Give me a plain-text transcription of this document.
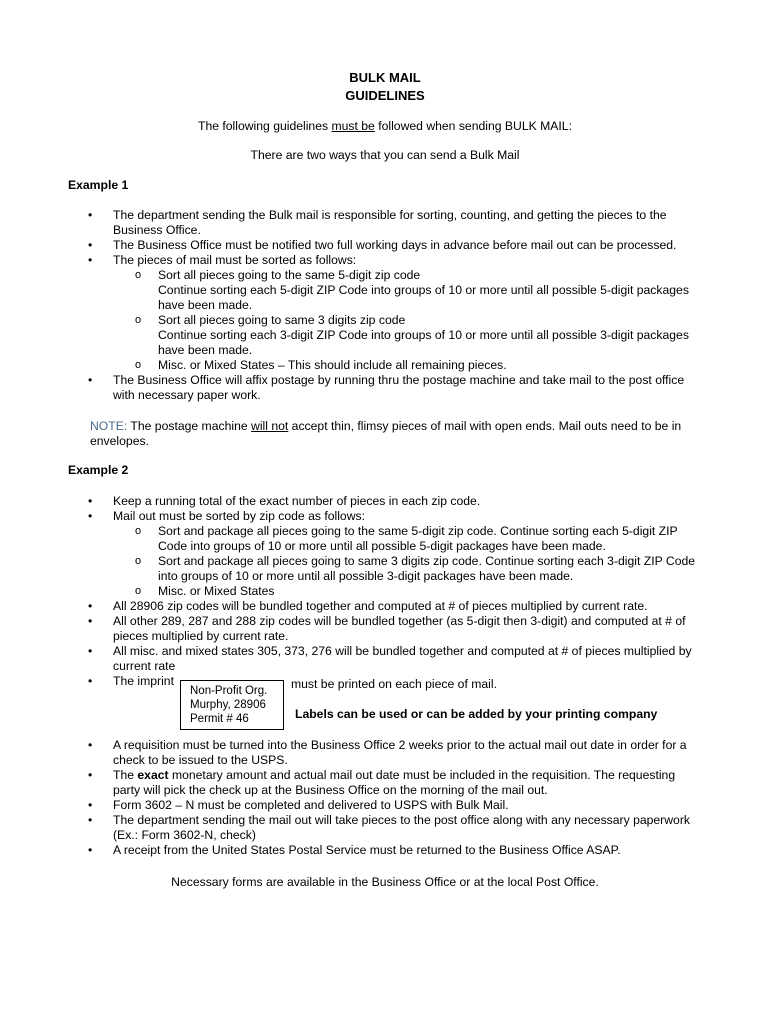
BULK MAIL
GUIDELINES
The following guidelines must be followed when sending BULK MAIL:
There are two ways that you can send a Bulk Mail
Example 1
• The department sending the Bulk mail is responsible for sorting, counting, and getting the pieces to the Business Office.
• The Business Office must be notified two full working days in advance before mail out can be processed.
• The pieces of mail must be sorted as follows:
o Sort all pieces going to the same 5-digit zip code
Continue sorting each 5-digit ZIP Code into groups of 10 or more until all possible 5-digit packages have been made.
o Sort all pieces going to same 3 digits zip code
Continue sorting each 3-digit ZIP Code into groups of 10 or more until all possible 3-digit packages have been made.
o Misc. or Mixed States – This should include all remaining pieces.
• The Business Office will affix postage by running thru the postage machine and take mail to the post office with necessary paper work.
NOTE: The postage machine will not accept thin, flimsy pieces of mail with open ends. Mail outs need to be in envelopes.
Example 2
• Keep a running total of the exact number of pieces in each zip code.
• Mail out must be sorted by zip code as follows:
o Sort and package all pieces going to the same 5-digit zip code. Continue sorting each 5-digit ZIP Code into groups of 10 or more until all possible 5-digit packages have been made.
o Sort and package all pieces going to same 3 digits zip code. Continue sorting each 3-digit ZIP Code into groups of 10 or more until all possible 3-digit packages have been made.
o Misc. or Mixed States
• All 28906 zip codes will be bundled together and computed at # of pieces multiplied by current rate.
• All other 289, 287 and 288 zip codes will be bundled together (as 5-digit then 3-digit) and computed at # of pieces multiplied by current rate.
• All misc. and mixed states 305, 373, 276 will be bundled together and computed at # of pieces multiplied by current rate
• The imprint
Non-Profit Org.
Murphy, 28906
Permit # 46
must be printed on each piece of mail.
Labels can be used or can be added by your printing company
• A requisition must be turned into the Business Office 2 weeks prior to the actual mail out date in order for a check to be issued to the USPS.
• The exact monetary amount and actual mail out date must be included in the requisition. The requesting party will pick the check up at the Business Office on the morning of the mail out.
• Form 3602 – N must be completed and delivered to USPS with Bulk Mail.
• The department sending the mail out will take pieces to the post office along with any necessary paperwork (Ex.: Form 3602-N, check)
• A receipt from the United States Postal Service must be returned to the Business Office ASAP.
Necessary forms are available in the Business Office or at the local Post Office.
